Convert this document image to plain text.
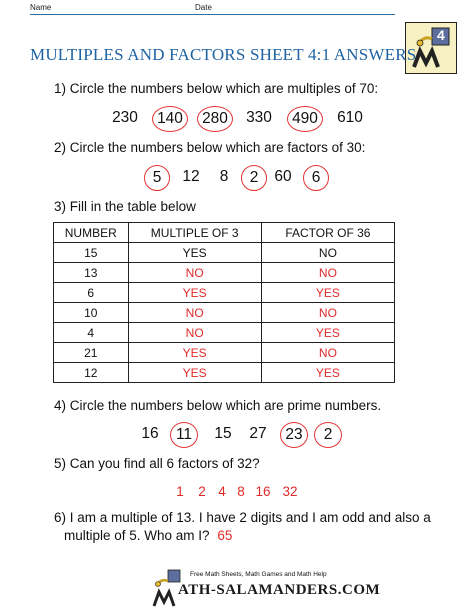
Name	Date
4
MULTIPLES AND FACTORS SHEET 4:1 ANSWERS
1) Circle the numbers below which are multiples of 70:
230	140	280	330	490	610
2) Circle the numbers below which are factors of 30:
5	12 8	2	60	6
3) Fill in the table below
NUMBER	MULTIPLE OF 3	FACTOR OF 36
15	YES	NO
13	NO	NO
6	YES	YES
10	NO	NO
4	NO	YES
21	YES	NO
12	YES	YES
4) Circle the numbers below which are prime numbers.
16	11	15 27	23	2
5) Can you find all 6 factors of 32?
1 2 4 8 16 32
6) I am a multiple of 13. I have 2 digits and I am odd and also a
multiple of 5. Who am I? 65
Free Math Sheets, Math Games and Math Help
ATH-SALAMANDERS.COM
